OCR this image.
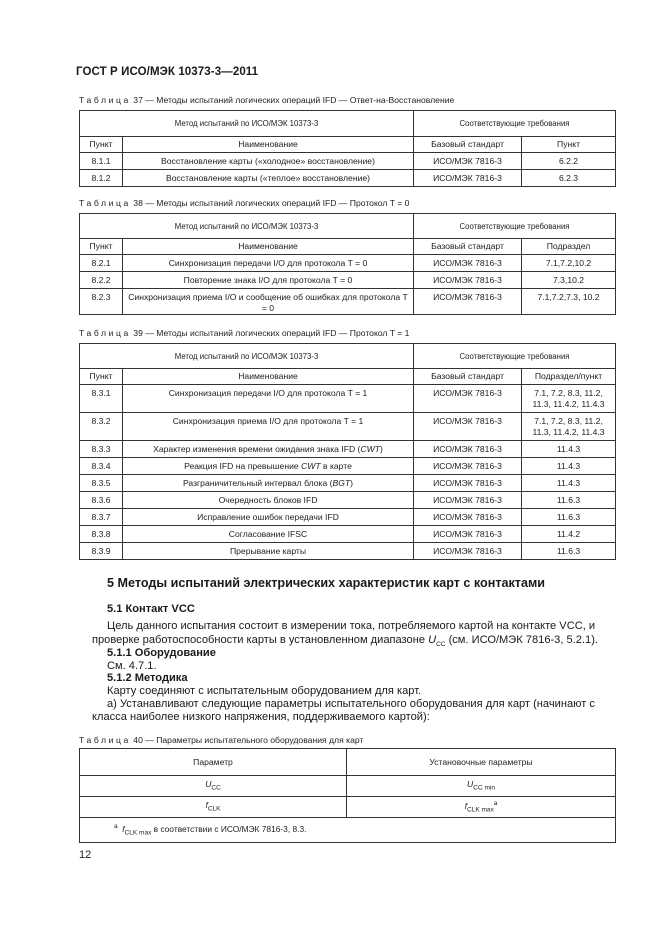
ГОСТ Р ИСО/МЭК 10373-3—2011
Таблица 37 — Методы испытаний логических операций IFD — Ответ-на-Восстановление
Метод испытаний по ИСО/МЭК 10373-3		Соответствующие требования	
Пункт	Наименование	Базовый стандарт	Пункт
8.1.1	Восстановление карты («холодное» восстановление)	ИСО/МЭК 7816-3	6.2.2
8.1.2	Восстановление карты («теплое» восстановление)	ИСО/МЭК 7816-3	6.2.3
Таблица 38 — Методы испытаний логических операций IFD — Протокол T = 0
Метод испытаний по ИСО/МЭК 10373-3		Соответствующие требования	
Пункт	Наименование	Базовый стандарт	Подраздел
8.2.1	Синхронизация передачи I/O для протокола T = 0	ИСО/МЭК 7816-3	7.1,7.2,10.2
8.2.2	Повторение знака I/O для протокола T = 0	ИСО/МЭК 7816-3	7.3,10.2
8.2.3	Синхронизация приема I/O и сообщение об ошибках для протокола T = 0	ИСО/МЭК 7816-3	7.1,7.2,7.3, 10.2
Таблица 39 — Методы испытаний логических операций IFD — Протокол T = 1
Метод испытаний по ИСО/МЭК 10373-3		Соответствующие требования	
Пункт	Наименование	Базовый стандарт	Подраздел/пункт
8.3.1	Синхронизация передачи I/O для протокола T = 1	ИСО/МЭК 7816-3	7.1, 7.2, 8.3, 11.2, 11.3, 11.4.2, 11.4.3
8.3.2	Синхронизация приема I/O для протокола T = 1	ИСО/МЭК 7816-3	7.1, 7.2, 8.3, 11.2, 11.3, 11.4.2, 11.4.3
8.3.3	Характер изменения времени ожидания знака IFD (CWT)	ИСО/МЭК 7816-3	11.4.3
8.3.4	Реакция IFD на превышение CWT в карте	ИСО/МЭК 7816-3	11.4.3
8.3.5	Разграничительный интервал блока (BGT)	ИСО/МЭК 7816-3	11.4.3
8.3.6	Очередность блоков IFD	ИСО/МЭК 7816-3	11.6.3
8.3.7	Исправление ошибок передачи IFD	ИСО/МЭК 7816-3	11.6.3
8.3.8	Согласование IFSC	ИСО/МЭК 7816-3	11.4.2
8.3.9	Прерывание карты	ИСО/МЭК 7816-3	11.6.3
5 Методы испытаний электрических характеристик карт с контактами
5.1 Контакт VCC
Цель данного испытания состоит в измерении тока, потребляемого картой на контакте VCC, и
проверке работоспособности карты в установленном диапазоне $U_{CC}$ (см. ИСО/МЭК 7816-3, 5.2.1).
5.1.1 Оборудование
См. 4.7.1.
5.1.2 Методика
Карту соединяют с испытательным оборудованием для карт.
а) Устанавливают следующие параметры испытательного оборудования для карт (начинают с
класса наиболее низкого напряжения, поддерживаемого картой):
Таблица 40 — Параметры испытательного оборудования для карт
Параметр	Установочные параметры
$U_{CC}$	$U_{CC min}$
$f_{CLK}$	$f_{CLK max}^a$
$^a$ $f_{CLK max}$ в соответствии с ИСО/МЭК 7816-3, 8.3.	
12
